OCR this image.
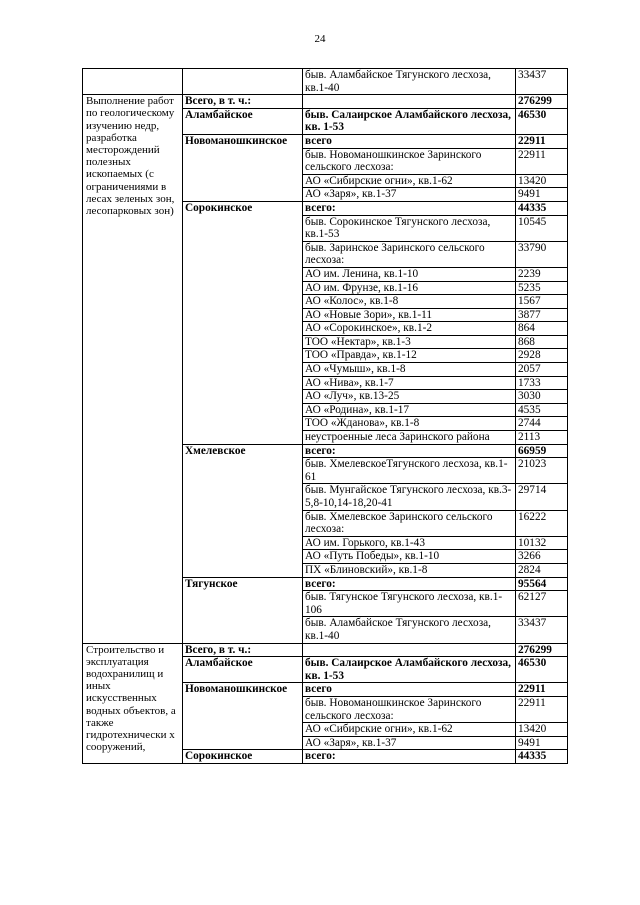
24
		быв. Аламбайское Тягунского лесхоза, кв.1-40	33437
Выполнение работ по геологическому изучению недр, разработка месторождений полезных ископаемых (с ограничениями в лесах зеленых зон, лесопарковых зон)	Всего, в т. ч.:		276299
	Аламбайское	быв. Салаирское Аламбайского лесхоза, кв. 1-53	46530
	Новоманошкинское	всего	22911
		быв. Новоманошкинское Заринского сельского лесхоза:	22911
		АО «Сибирские огни», кв.1-62	13420
		АО «Заря», кв.1-37	9491
	Сорокинское	всего:	44335
		быв. Сорокинское Тягунского лесхоза, кв.1-53	10545
		быв. Заринское Заринского сельского лесхоза:	33790
		АО им. Ленина, кв.1-10	2239
		АО им. Фрунзе, кв.1-16	5235
		АО «Колос», кв.1-8	1567
		АО «Новые Зори», кв.1-11	3877
		АО «Сорокинское», кв.1-2	864
		ТОО «Нектар», кв.1-3	868
		ТОО «Правда», кв.1-12	2928
		АО «Чумыш», кв.1-8	2057
		АО «Нива», кв.1-7	1733
		АО «Луч», кв.13-25	3030
		АО «Родина», кв.1-17	4535
		ТОО «Жданова», кв.1-8	2744
		неустроенные леса Заринского района	2113
	Хмелевское	всего:	66959
		быв. ХмелевскоеТягунского лесхоза, кв.1-61	21023
		быв. Мунгайское Тягунского лесхоза, кв.3-5,8-10,14-18,20-41	29714
		быв. Хмелевское Заринского сельского лесхоза:	16222
		АО им. Горького, кв.1-43	10132
		АО «Путь Победы», кв.1-10	3266
		ПХ «Блиновский», кв.1-8	2824
	Тягунское	всего:	95564
		быв. Тягунское Тягунского лесхоза, кв.1-106	62127
		быв. Аламбайское Тягунского лесхоза, кв.1-40	33437
Строительство и эксплуатация водохранилищ и иных искусственных водных объектов, а также гидротехнически х сооружений,	Всего, в т. ч.:		276299
	Аламбайское	быв. Салаирское Аламбайского лесхоза, кв. 1-53	46530
	Новоманошкинское	всего	22911
		быв. Новоманошкинское Заринского сельского лесхоза:	22911
		АО «Сибирские огни», кв.1-62	13420
		АО «Заря», кв.1-37	9491
	Сорокинское	всего:	44335
